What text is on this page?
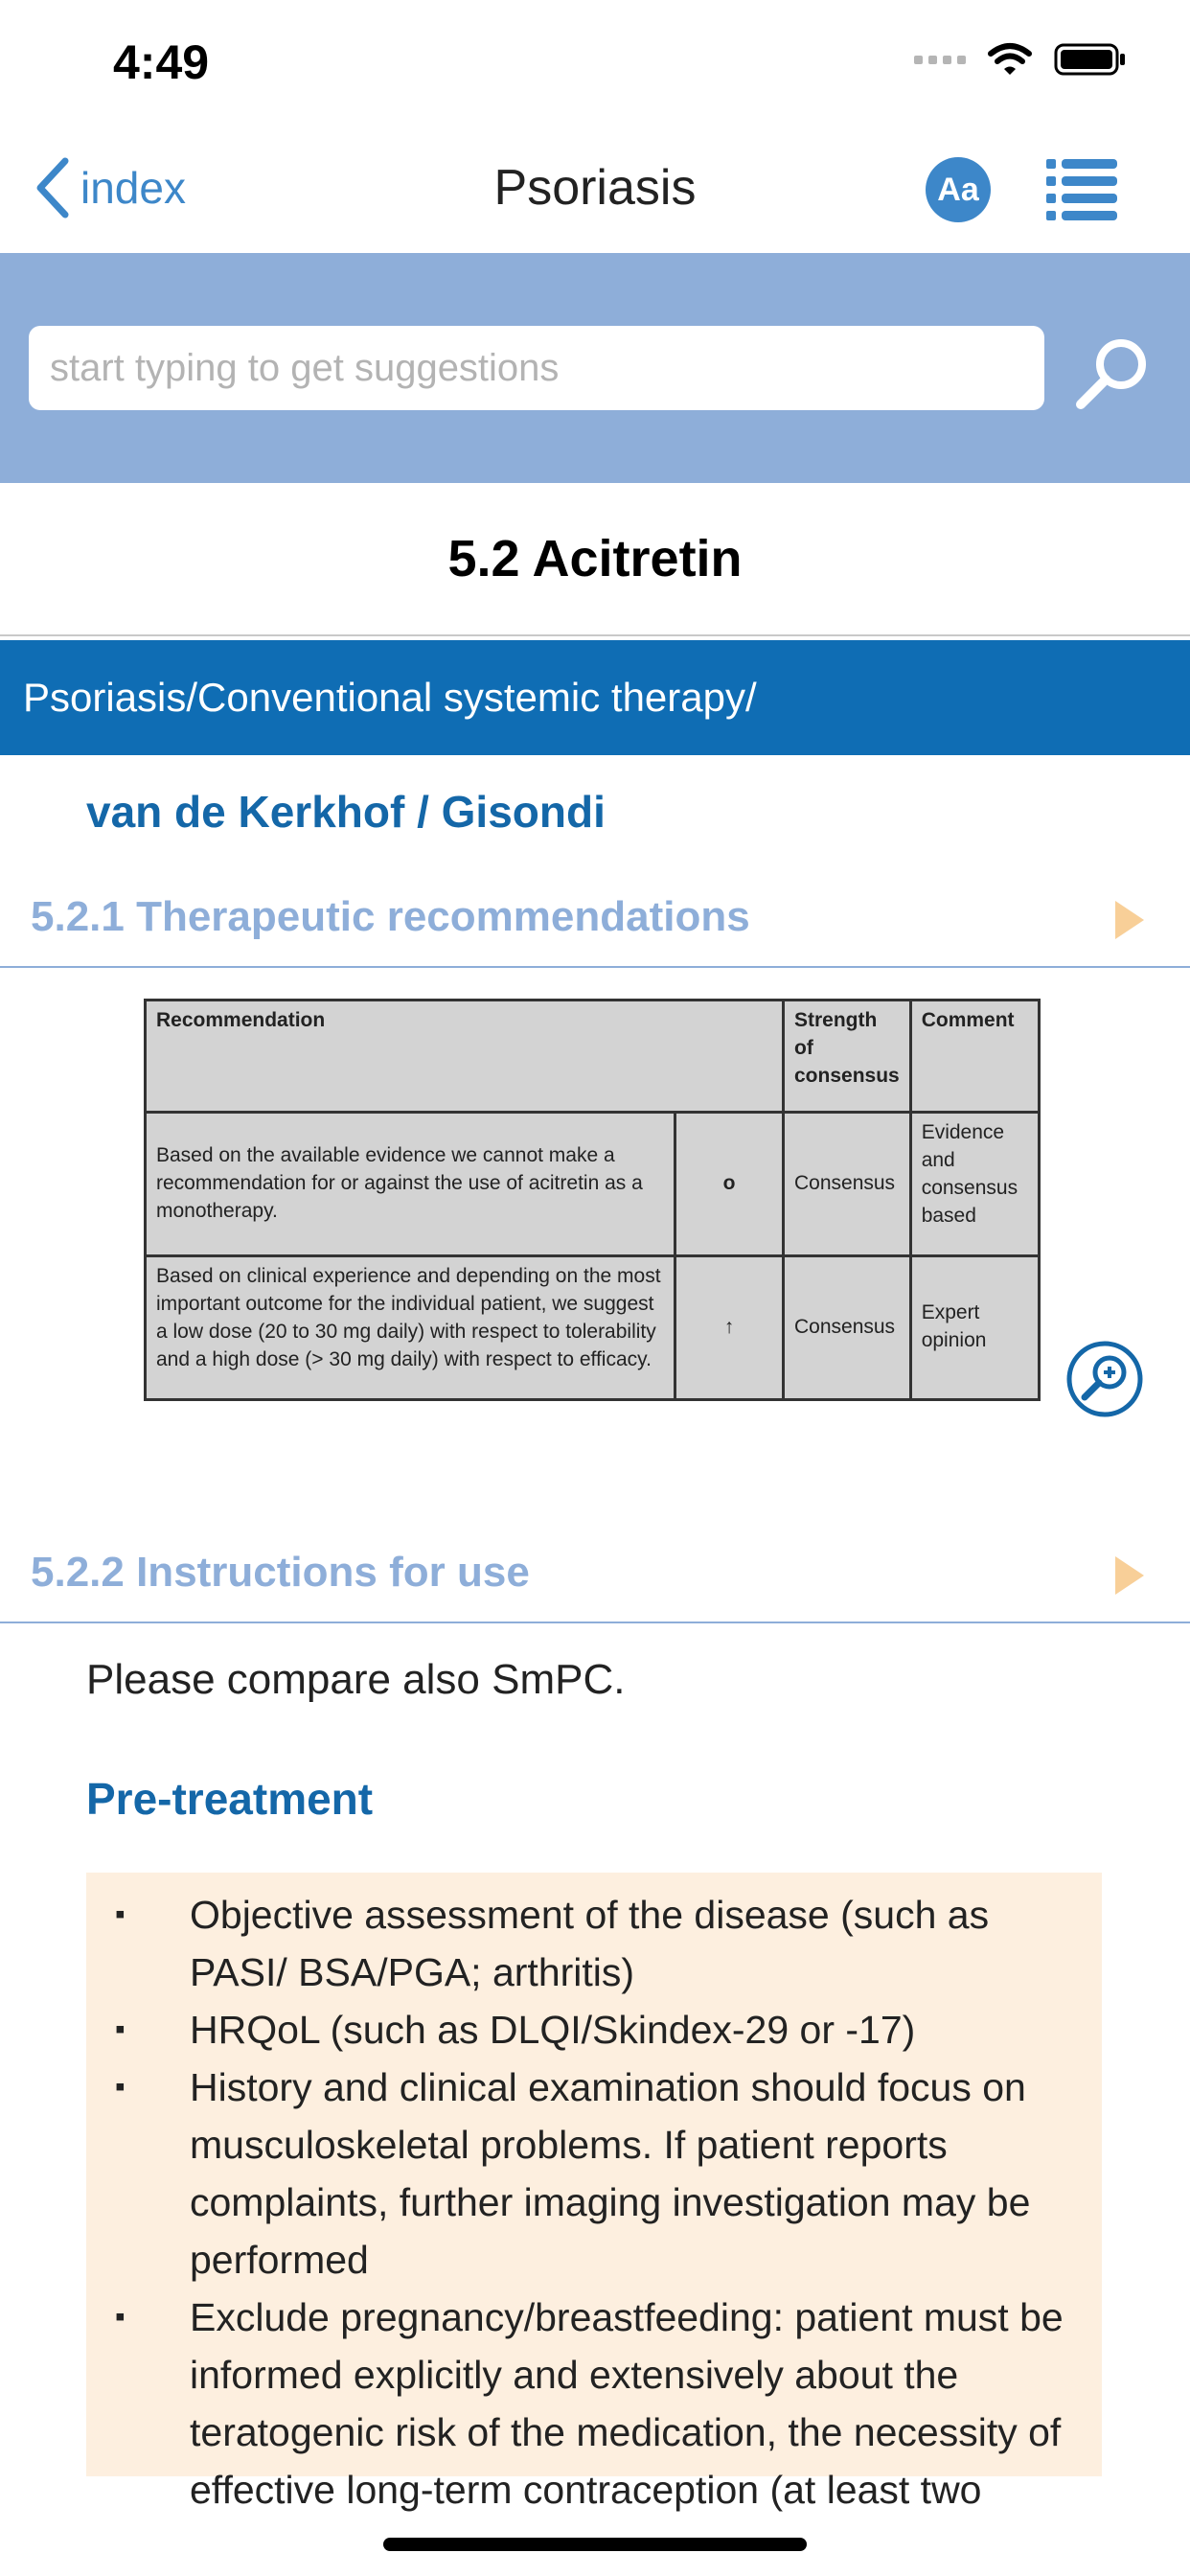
4:49
index	Psoriasis	Aa
start typing to get suggestions
5.2 Acitretin
Psoriasis/Conventional systemic therapy/
van de Kerkhof / Gisondi
5.2.1 Therapeutic recommendations
Recommendation		Strength of consensus	Comment
Based on the available evidence we cannot make a recommendation for or against the use of acitretin as a monotherapy.	o	Consensus	Evidence and consensus based
Based on clinical experience and depending on the most important outcome for the individual patient, we suggest a low dose (20 to 30 mg daily) with respect to tolerability and a high dose (> 30 mg daily) with respect to efficacy.	↑	Consensus	Expert opinion
5.2.2 Instructions for use
Please compare also SmPC.
Pre-treatment
▪ Objective assessment of the disease (such as PASI/ BSA/PGA; arthritis)
▪ HRQoL (such as DLQI/Skindex-29 or -17)
▪ History and clinical examination should focus on musculoskeletal problems. If patient reports complaints, further imaging investigation may be performed
▪ Exclude pregnancy/breastfeeding: patient must be informed explicitly and extensively about the teratogenic risk of the medication, the necessity of effective long-term contraception (at least two
